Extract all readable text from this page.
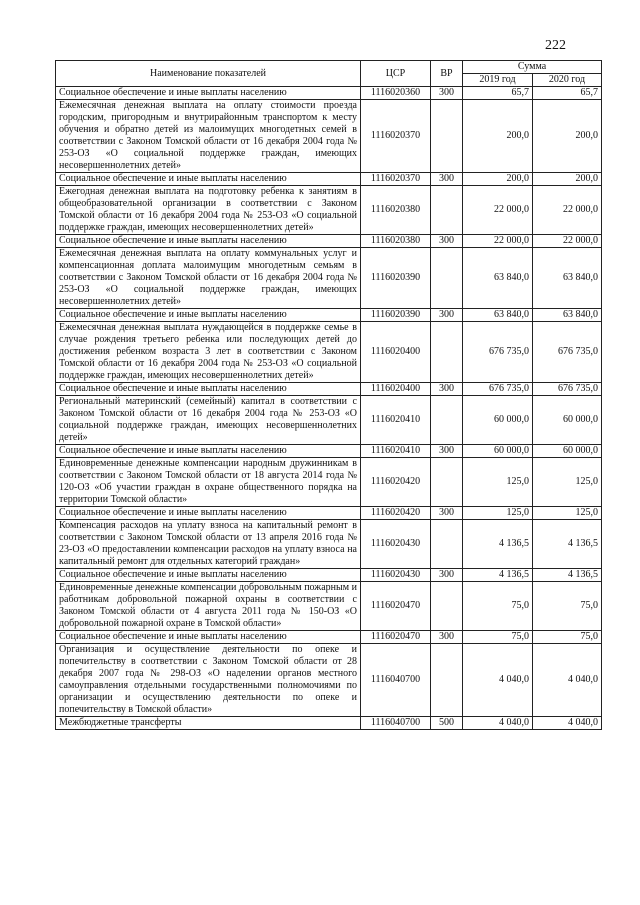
222
Наименование показателей	ЦСР	ВР	Сумма	
			2019 год	2020 год
Социальное обеспечение и иные выплаты населению	1116020360	300	65,7	65,7
Ежемесячная денежная выплата на оплату стоимости проезда городским, пригородным и внутрирайонным транспортом к месту обучения и обратно детей из малоимущих многодетных семей в соответствии с Законом Томской области от 16 декабря 2004 года № 253-ОЗ «О социальной поддержке граждан, имеющих несовершеннолетних детей»	1116020370		200,0	200,0
Социальное обеспечение и иные выплаты населению	1116020370	300	200,0	200,0
Ежегодная денежная выплата на подготовку ребенка к занятиям в общеобразовательной организации в соответствии с Законом Томской области от 16 декабря 2004 года № 253-ОЗ «О социальной поддержке граждан, имеющих несовершеннолетних детей»	1116020380		22 000,0	22 000,0
Социальное обеспечение и иные выплаты населению	1116020380	300	22 000,0	22 000,0
Ежемесячная денежная выплата на оплату коммунальных услуг и компенсационная доплата малоимущим многодетным семьям в соответствии с Законом Томской области от 16 декабря 2004 года № 253-ОЗ «О социальной поддержке граждан, имеющих несовершеннолетних детей»	1116020390		63 840,0	63 840,0
Социальное обеспечение и иные выплаты населению	1116020390	300	63 840,0	63 840,0
Ежемесячная денежная выплата нуждающейся в поддержке семье в случае рождения третьего ребенка или последующих детей до достижения ребенком возраста 3 лет в соответствии с Законом Томской области от 16 декабря 2004 года № 253-ОЗ «О социальной поддержке граждан, имеющих несовершеннолетних детей»	1116020400		676 735,0	676 735,0
Социальное обеспечение и иные выплаты населению	1116020400	300	676 735,0	676 735,0
Региональный материнский (семейный) капитал в соответствии с Законом Томской области от 16 декабря 2004 года № 253-ОЗ «О социальной поддержке граждан, имеющих несовершеннолетних детей»	1116020410		60 000,0	60 000,0
Социальное обеспечение и иные выплаты населению	1116020410	300	60 000,0	60 000,0
Единовременные денежные компенсации народным дружинникам в соответствии с Законом Томской области от 18 августа 2014 года № 120-ОЗ «Об участии граждан в охране общественного порядка на территории Томской области»	1116020420		125,0	125,0
Социальное обеспечение и иные выплаты населению	1116020420	300	125,0	125,0
Компенсация расходов на уплату взноса на капитальный ремонт в соответствии с Законом Томской области от 13 апреля 2016 года № 23-ОЗ «О предоставлении компенсации расходов на уплату взноса на капитальный ремонт для отдельных категорий граждан»	1116020430		4 136,5	4 136,5
Социальное обеспечение и иные выплаты населению	1116020430	300	4 136,5	4 136,5
Единовременные денежные компенсации добровольным пожарным и работникам добровольной пожарной охраны в соответствии с Законом Томской области от 4 августа 2011 года № 150-ОЗ «О добровольной пожарной охране в Томской области»	1116020470		75,0	75,0
Социальное обеспечение и иные выплаты населению	1116020470	300	75,0	75,0
Организация и осуществление деятельности по опеке и попечительству в соответствии с Законом Томской области от 28 декабря 2007 года № 298-ОЗ «О наделении органов местного самоуправления отдельными государственными полномочиями по организации и осуществлению деятельности по опеке и попечительству в Томской области»	1116040700		4 040,0	4 040,0
Межбюджетные трансферты	1116040700	500	4 040,0	4 040,0
